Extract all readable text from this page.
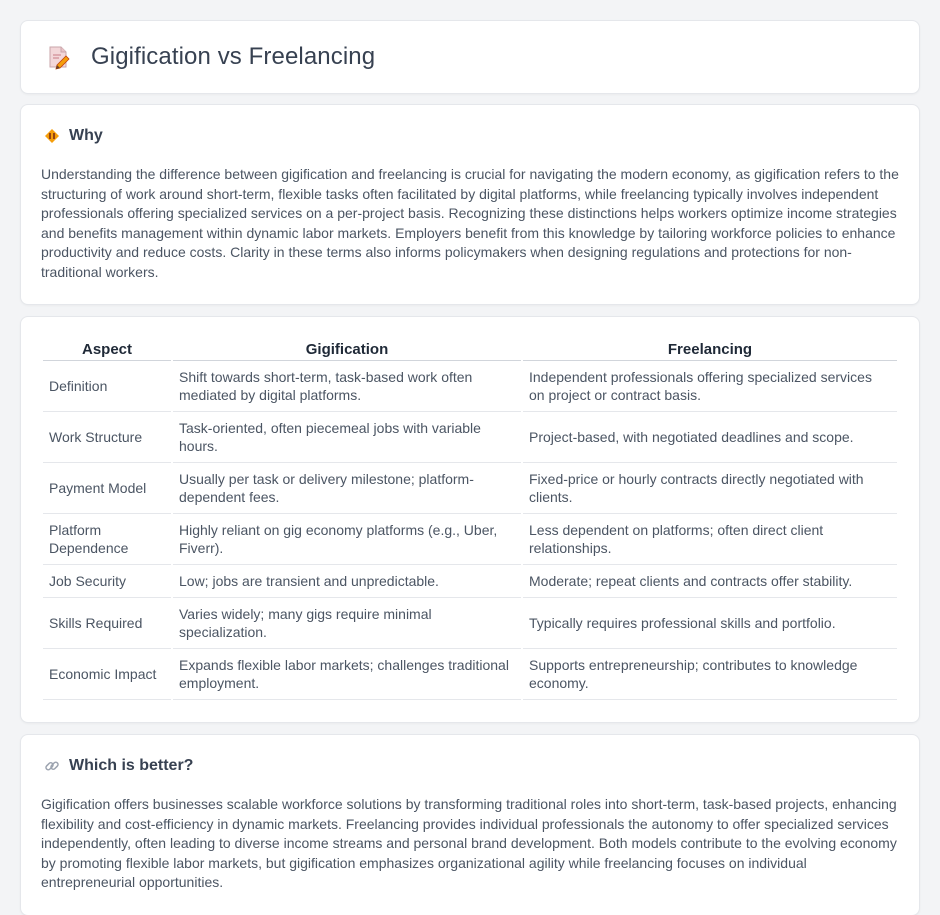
Gigification vs Freelancing
Why

Understanding the difference between gigification and freelancing is crucial for navigating the modern economy, as gigification refers to the structuring of work around short-term, flexible tasks often facilitated by digital platforms, while freelancing typically involves independent professionals offering specialized services on a per-project basis. Recognizing these distinctions helps workers optimize income strategies and benefits management within dynamic labor markets. Employers benefit from this knowledge by tailoring workforce policies to enhance productivity and reduce costs. Clarity in these terms also informs policymakers when designing regulations and protections for non-traditional workers.

Aspect	Gigification	Freelancing
Definition	Shift towards short-term, task-based work often mediated by digital platforms.	Independent professionals offering specialized services on project or contract basis.
Work Structure	Task-oriented, often piecemeal jobs with variable hours.	Project-based, with negotiated deadlines and scope.
Payment Model	Usually per task or delivery milestone; platform-dependent fees.	Fixed-price or hourly contracts directly negotiated with clients.
Platform Dependence	Highly reliant on gig economy platforms (e.g., Uber, Fiverr).	Less dependent on platforms; often direct client relationships.
Job Security	Low; jobs are transient and unpredictable.	Moderate; repeat clients and contracts offer stability.
Skills Required	Varies widely; many gigs require minimal specialization.	Typically requires professional skills and portfolio.
Economic Impact	Expands flexible labor markets; challenges traditional employment.	Supports entrepreneurship; contributes to knowledge economy.
Which is better?

Gigification offers businesses scalable workforce solutions by transforming traditional roles into short-term, task-based projects, enhancing flexibility and cost-efficiency in dynamic markets. Freelancing provides individual professionals the autonomy to offer specialized services independently, often leading to diverse income streams and personal brand development. Both models contribute to the evolving economy by promoting flexible labor markets, but gigification emphasizes organizational agility while freelancing focuses on individual entrepreneurial opportunities.
